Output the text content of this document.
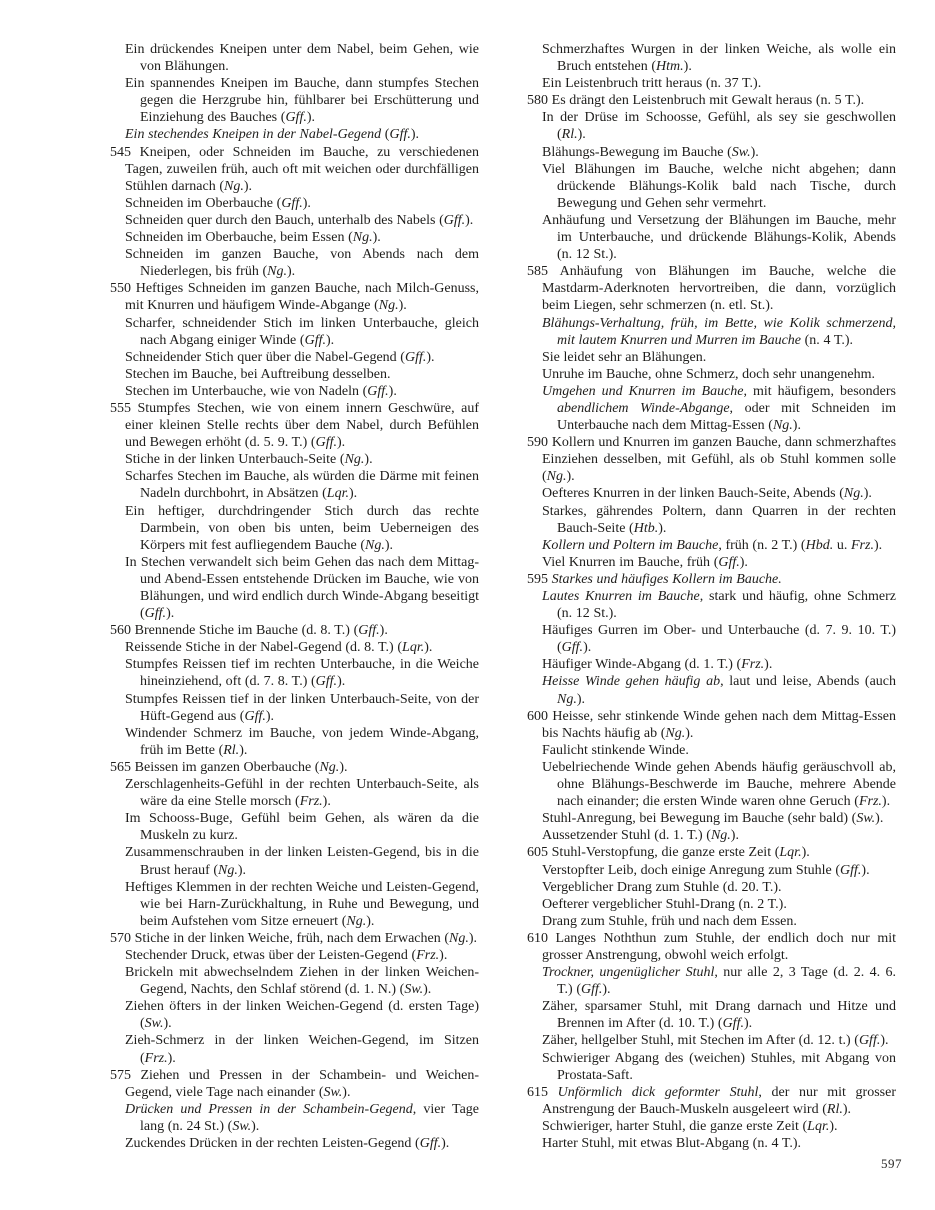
Ein drückendes Kneipen unter dem Nabel, beim Gehen, wie von Blähungen.

Ein spannendes Kneipen im Bauche, dann stumpfes Stechen gegen die Herzgrube hin, fühlbarer bei Erschütterung und Einziehung des Bauches (Gff.).

Ein stechendes Kneipen in der Nabel-Gegend (Gff.).

545 Kneipen, oder Schneiden im Bauche, zu verschiedenen Tagen, zuweilen früh, auch oft mit weichen oder durchfälligen Stühlen darnach (Ng.).

Schneiden im Oberbauche (Gff.).

Schneiden quer durch den Bauch, unterhalb des Nabels (Gff.).

Schneiden im Oberbauche, beim Essen (Ng.).

Schneiden im ganzen Bauche, von Abends nach dem Niederlegen, bis früh (Ng.).

550 Heftiges Schneiden im ganzen Bauche, nach Milch-Genuss, mit Knurren und häufigem Winde-Abgange (Ng.).

Scharfer, schneidender Stich im linken Unterbauche, gleich nach Abgang einiger Winde (Gff.).

Schneidender Stich quer über die Nabel-Gegend (Gff.).

Stechen im Bauche, bei Auftreibung desselben.

Stechen im Unterbauche, wie von Nadeln (Gff.).

555 Stumpfes Stechen, wie von einem innern Geschwüre, auf einer kleinen Stelle rechts über dem Nabel, durch Befühlen und Bewegen erhöht (d. 5. 9. T.) (Gff.).

Stiche in der linken Unterbauch-Seite (Ng.).

Scharfes Stechen im Bauche, als würden die Därme mit feinen Nadeln durchbohrt, in Absätzen (Lqr.).

Ein heftiger, durchdringender Stich durch das rechte Darmbein, von oben bis unten, beim Ueberneigen des Körpers mit fest aufliegendem Bauche (Ng.).

In Stechen verwandelt sich beim Gehen das nach dem Mittag- und Abend-Essen entstehende Drücken im Bauche, wie von Blähungen, und wird endlich durch Winde-Abgang beseitigt (Gff.).

560 Brennende Stiche im Bauche (d. 8. T.) (Gff.).

Reissende Stiche in der Nabel-Gegend (d. 8. T.) (Lqr.).

Stumpfes Reissen tief im rechten Unterbauche, in die Weiche hineinziehend, oft (d. 7. 8. T.) (Gff.).

Stumpfes Reissen tief in der linken Unterbauch-Seite, von der Hüft-Gegend aus (Gff.).

Windender Schmerz im Bauche, von jedem Winde-Abgang, früh im Bette (Rl.).

565 Beissen im ganzen Oberbauche (Ng.).

Zerschlagenheits-Gefühl in der rechten Unterbauch-Seite, als wäre da eine Stelle morsch (Frz.).

Im Schooss-Buge, Gefühl beim Gehen, als wären da die Muskeln zu kurz.

Zusammenschrauben in der linken Leisten-Gegend, bis in die Brust herauf (Ng.).

Heftiges Klemmen in der rechten Weiche und Leisten-Gegend, wie bei Harn-Zurückhaltung, in Ruhe und Bewegung, und beim Aufstehen vom Sitze erneuert (Ng.).

570 Stiche in der linken Weiche, früh, nach dem Erwachen (Ng.).

Stechender Druck, etwas über der Leisten-Gegend (Frz.).

Brickeln mit abwechselndem Ziehen in der linken Weichen-Gegend, Nachts, den Schlaf störend (d. 1. N.) (Sw.).

Ziehen öfters in der linken Weichen-Gegend (d. ersten Tage) (Sw.).

Zieh-Schmerz in der linken Weichen-Gegend, im Sitzen (Frz.).

575 Ziehen und Pressen in der Schambein- und Weichen-Gegend, viele Tage nach einander (Sw.).

Drücken und Pressen in der Schambein-Gegend, vier Tage lang (n. 24 St.) (Sw.).

Zuckendes Drücken in der rechten Leisten-Gegend (Gff.).

Schmerzhaftes Wurgen in der linken Weiche, als wolle ein Bruch entstehen (Htm.).

Ein Leistenbruch tritt heraus (n. 37 T.).

580 Es drängt den Leistenbruch mit Gewalt heraus (n. 5 T.).

In der Drüse im Schoosse, Gefühl, als sey sie geschwollen (Rl.).

Blähungs-Bewegung im Bauche (Sw.).

Viel Blähungen im Bauche, welche nicht abgehen; dann drückende Blähungs-Kolik bald nach Tische, durch Bewegung und Gehen sehr vermehrt.

Anhäufung und Versetzung der Blähungen im Bauche, mehr im Unterbauche, und drückende Blähungs-Kolik, Abends (n. 12 St.).

585 Anhäufung von Blähungen im Bauche, welche die Mastdarm-Aderknoten hervortreiben, die dann, vorzüglich beim Liegen, sehr schmerzen (n. etl. St.).

Blähungs-Verhaltung, früh, im Bette, wie Kolik schmerzend, mit lautem Knurren und Murren im Bauche (n. 4 T.).

Sie leidet sehr an Blähungen.

Unruhe im Bauche, ohne Schmerz, doch sehr unangenehm.

Umgehen und Knurren im Bauche, mit häufigem, besonders abendlichem Winde-Abgange, oder mit Schneiden im Unterbauche nach dem Mittag-Essen (Ng.).

590 Kollern und Knurren im ganzen Bauche, dann schmerzhaftes Einziehen desselben, mit Gefühl, als ob Stuhl kommen solle (Ng.).

Oefteres Knurren in der linken Bauch-Seite, Abends (Ng.).

Starkes, gährendes Poltern, dann Quarren in der rechten Bauch-Seite (Htb.).

Kollern und Poltern im Bauche, früh (n. 2 T.) (Hbd. u. Frz.).

Viel Knurren im Bauche, früh (Gff.).

595 Starkes und häufiges Kollern im Bauche.

Lautes Knurren im Bauche, stark und häufig, ohne Schmerz (n. 12 St.).

Häufiges Gurren im Ober- und Unterbauche (d. 7. 9. 10. T.) (Gff.).

Häufiger Winde-Abgang (d. 1. T.) (Frz.).

Heisse Winde gehen häufig ab, laut und leise, Abends (auch Ng.).

600 Heisse, sehr stinkende Winde gehen nach dem Mittag-Essen bis Nachts häufig ab (Ng.).

Faulicht stinkende Winde.

Uebelriechende Winde gehen Abends häufig geräuschvoll ab, ohne Blähungs-Beschwerde im Bauche, mehrere Abende nach einander; die ersten Winde waren ohne Geruch (Frz.).

Stuhl-Anregung, bei Bewegung im Bauche (sehr bald) (Sw.).

Aussetzender Stuhl (d. 1. T.) (Ng.).

605 Stuhl-Verstopfung, die ganze erste Zeit (Lqr.).

Verstopfter Leib, doch einige Anregung zum Stuhle (Gff.).

Vergeblicher Drang zum Stuhle (d. 20. T.).

Oefterer vergeblicher Stuhl-Drang (n. 2 T.).

Drang zum Stuhle, früh und nach dem Essen.

610 Langes Noththun zum Stuhle, der endlich doch nur mit grosser Anstrengung, obwohl weich erfolgt.

Trockner, ungenüglicher Stuhl, nur alle 2, 3 Tage (d. 2. 4. 6. T.) (Gff.).

Zäher, sparsamer Stuhl, mit Drang darnach und Hitze und Brennen im After (d. 10. T.) (Gff.).

Zäher, hellgelber Stuhl, mit Stechen im After (d. 12. t.) (Gff.).

Schwieriger Abgang des (weichen) Stuhles, mit Abgang von Prostata-Saft.

615 Unförmlich dick geformter Stuhl, der nur mit grosser Anstrengung der Bauch-Muskeln ausgeleert wird (Rl.).

Schwieriger, harter Stuhl, die ganze erste Zeit (Lqr.).

Harter Stuhl, mit etwas Blut-Abgang (n. 4 T.).

597
